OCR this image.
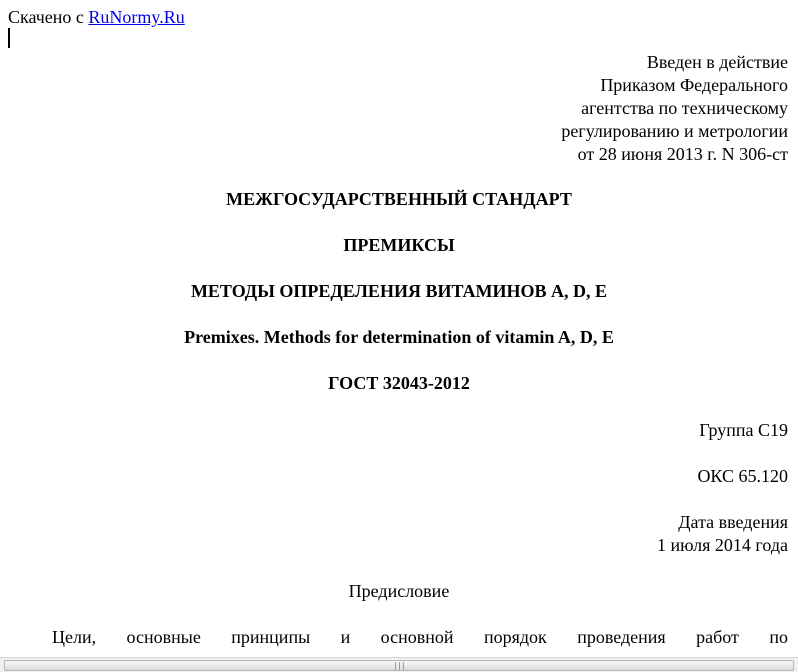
Скачено с RuNormy.Ru
Введен в действие
Приказом Федерального
агентства по техническому
регулированию и метрологии
от 28 июня 2013 г. N 306-ст
МЕЖГОСУДАРСТВЕННЫЙ СТАНДАРТ
ПРЕМИКСЫ
МЕТОДЫ ОПРЕДЕЛЕНИЯ ВИТАМИНОВ А, D, Е
Premixes. Methods for determination of vitamin A, D, E
ГОСТ 32043-2012
Группа С19
ОКС 65.120
Дата введения
1 июля 2014 года
Предисловие
Цели, основные принципы и основной порядок проведения работ по
|||
